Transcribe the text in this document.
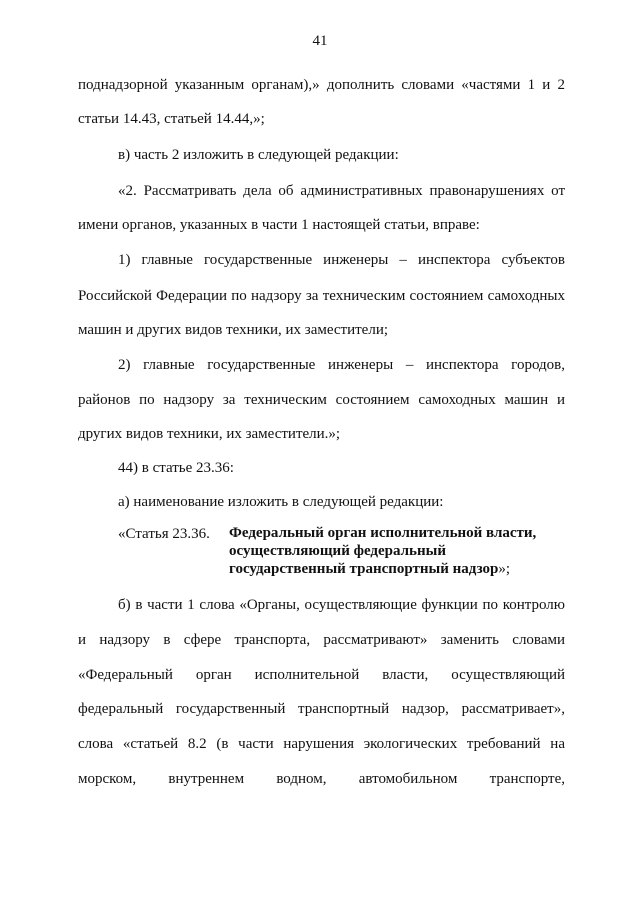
41
поднадзорной указанным органам),» дополнить словами «частями 1 и 2
статьи 14.43, статьей 14.44,»;
в) часть 2 изложить в следующей редакции:
«2. Рассматривать дела об административных правонарушениях от
имени органов, указанных в части 1 настоящей статьи, вправе:
1) главные государственные инженеры – инспектора субъектов
Российской Федерации по надзору за техническим состоянием самоходных
машин и других видов техники, их заместители;
2) главные государственные инженеры – инспектора городов,
районов по надзору за техническим состоянием самоходных машин и
других видов техники, их заместители.»;
44) в статье 23.36:
а) наименование изложить в следующей редакции:
«Статья 23.36. Федеральный орган исполнительной власти,
осуществляющий федеральный
государственный транспортный надзор»;
б) в части 1 слова «Органы, осуществляющие функции по контролю
и надзору в сфере транспорта, рассматривают» заменить словами
«Федеральный орган исполнительной власти, осуществляющий
федеральный государственный транспортный надзор, рассматривает»,
слова «статьей 8.2 (в части нарушения экологических требований на
морском, внутреннем водном, автомобильном транспорте,
